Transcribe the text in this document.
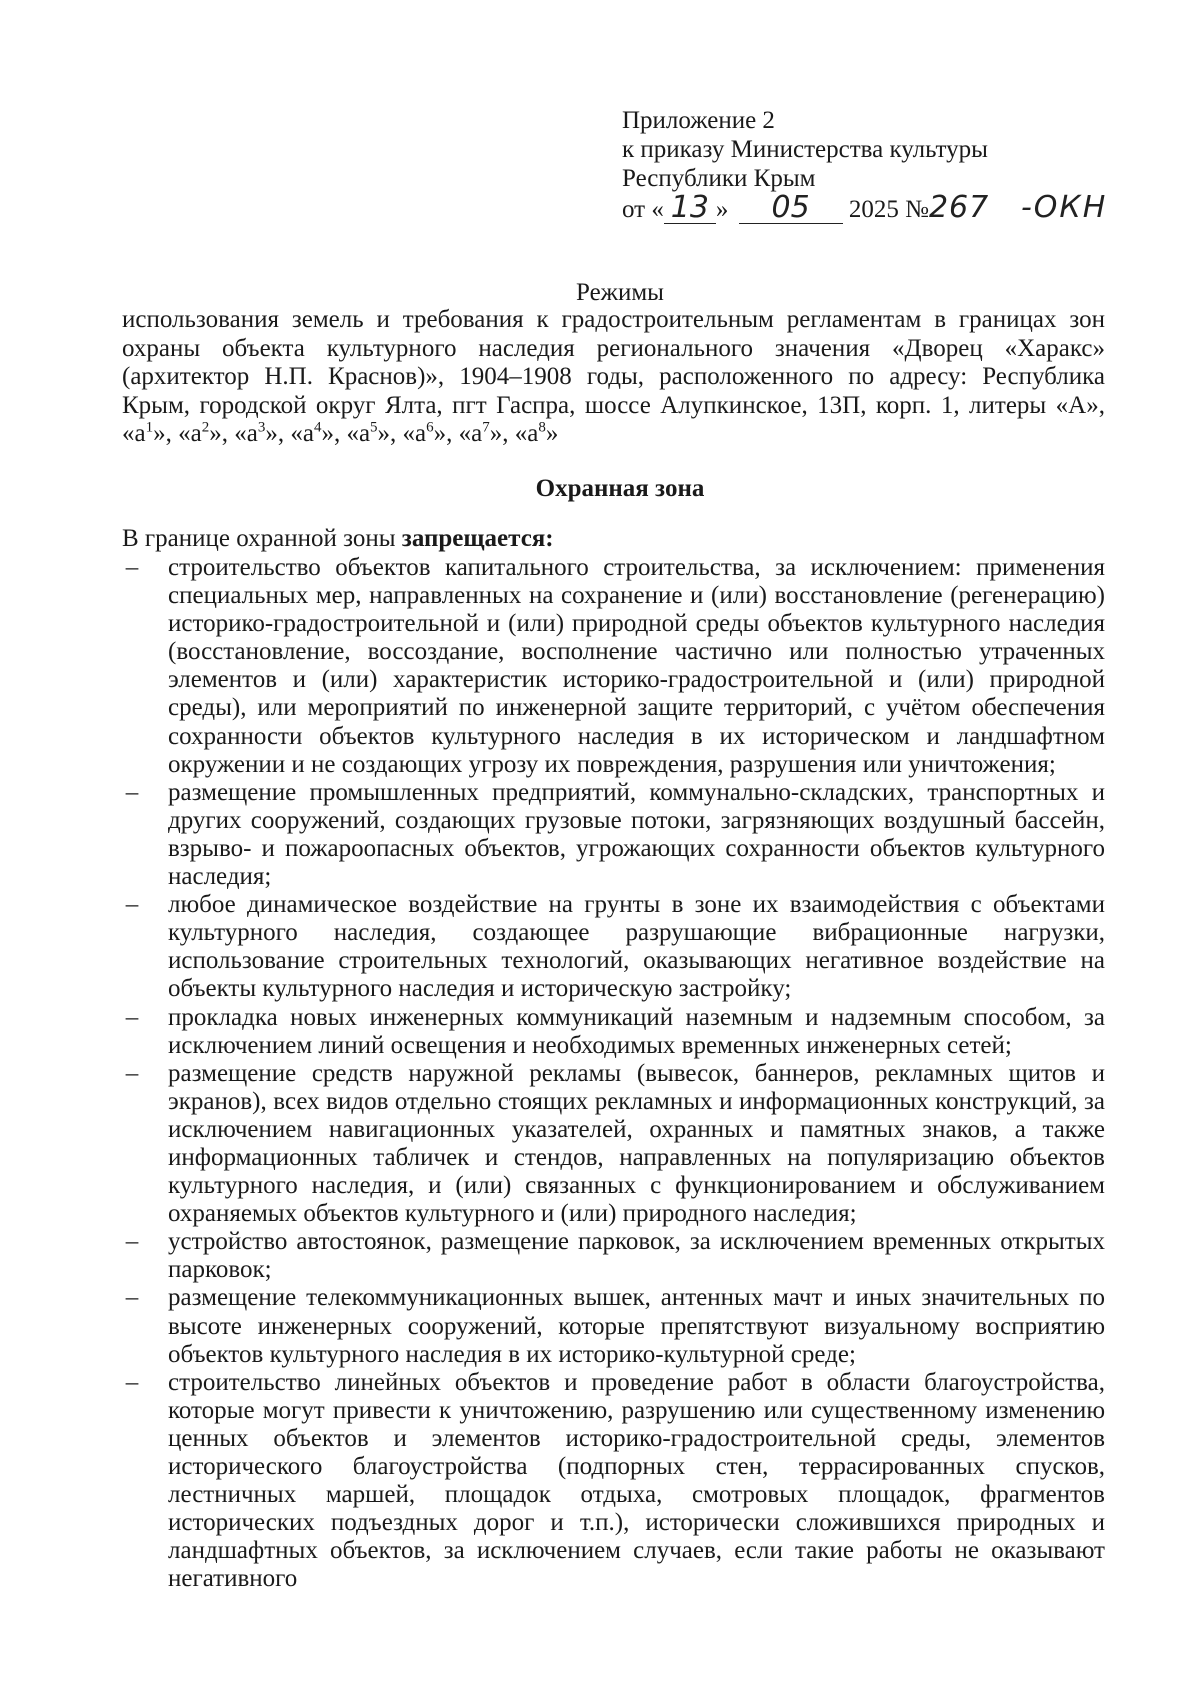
Приложение 2
к приказу Министерства культуры
Республики Крым
от « 13 » 05 2025 №267 -ОКН
Режимы
использования земель и требования к градостроительным регламентам в границах зон охраны объекта культурного наследия регионального значения «Дворец «Харакс» (архитектор Н.П. Краснов)», 1904–1908 годы, расположенного по адресу: Республика Крым, городской округ Ялта, пгт Гаспра, шоссе Алупкинское, 13П, корп. 1, литеры «А», «$а^1$», «$а^2$», «$а^3$», «$а^4$», «$а^5$», «$а^6$», «$а^7$», «$а^8$»
Охранная зона
В границе охранной зоны запрещается:
– строительство объектов капитального строительства, за исключением: применения специальных мер, направленных на сохранение и (или) восстановление (регенерацию) историко-градостроительной и (или) природной среды объектов культурного наследия (восстановление, воссоздание, восполнение частично или полностью утраченных элементов и (или) характеристик историко-градостроительной и (или) природной среды), или мероприятий по инженерной защите территорий, с учётом обеспечения сохранности объектов культурного наследия в их историческом и ландшафтном окружении и не создающих угрозу их повреждения, разрушения или уничтожения;
– размещение промышленных предприятий, коммунально-складских, транспортных и других сооружений, создающих грузовые потоки, загрязняющих воздушный бассейн, взрыво- и пожароопасных объектов, угрожающих сохранности объектов культурного наследия;
– любое динамическое воздействие на грунты в зоне их взаимодействия с объектами культурного наследия, создающее разрушающие вибрационные нагрузки, использование строительных технологий, оказывающих негативное воздействие на объекты культурного наследия и историческую застройку;
– прокладка новых инженерных коммуникаций наземным и надземным способом, за исключением линий освещения и необходимых временных инженерных сетей;
– размещение средств наружной рекламы (вывесок, баннеров, рекламных щитов и экранов), всех видов отдельно стоящих рекламных и информационных конструкций, за исключением навигационных указателей, охранных и памятных знаков, а также информационных табличек и стендов, направленных на популяризацию объектов культурного наследия, и (или) связанных с функционированием и обслуживанием охраняемых объектов культурного и (или) природного наследия;
– устройство автостоянок, размещение парковок, за исключением временных открытых парковок;
– размещение телекоммуникационных вышек, антенных мачт и иных значительных по высоте инженерных сооружений, которые препятствуют визуальному восприятию объектов культурного наследия в их историко-культурной среде;
– строительство линейных объектов и проведение работ в области благоустройства, которые могут привести к уничтожению, разрушению или существенному изменению ценных объектов и элементов историко-градостроительной среды, элементов исторического благоустройства (подпорных стен, террасированных спусков, лестничных маршей, площадок отдыха, смотровых площадок, фрагментов исторических подъездных дорог и т.п.), исторически сложившихся природных и ландшафтных объектов, за исключением случаев, если такие работы не оказывают негативного
